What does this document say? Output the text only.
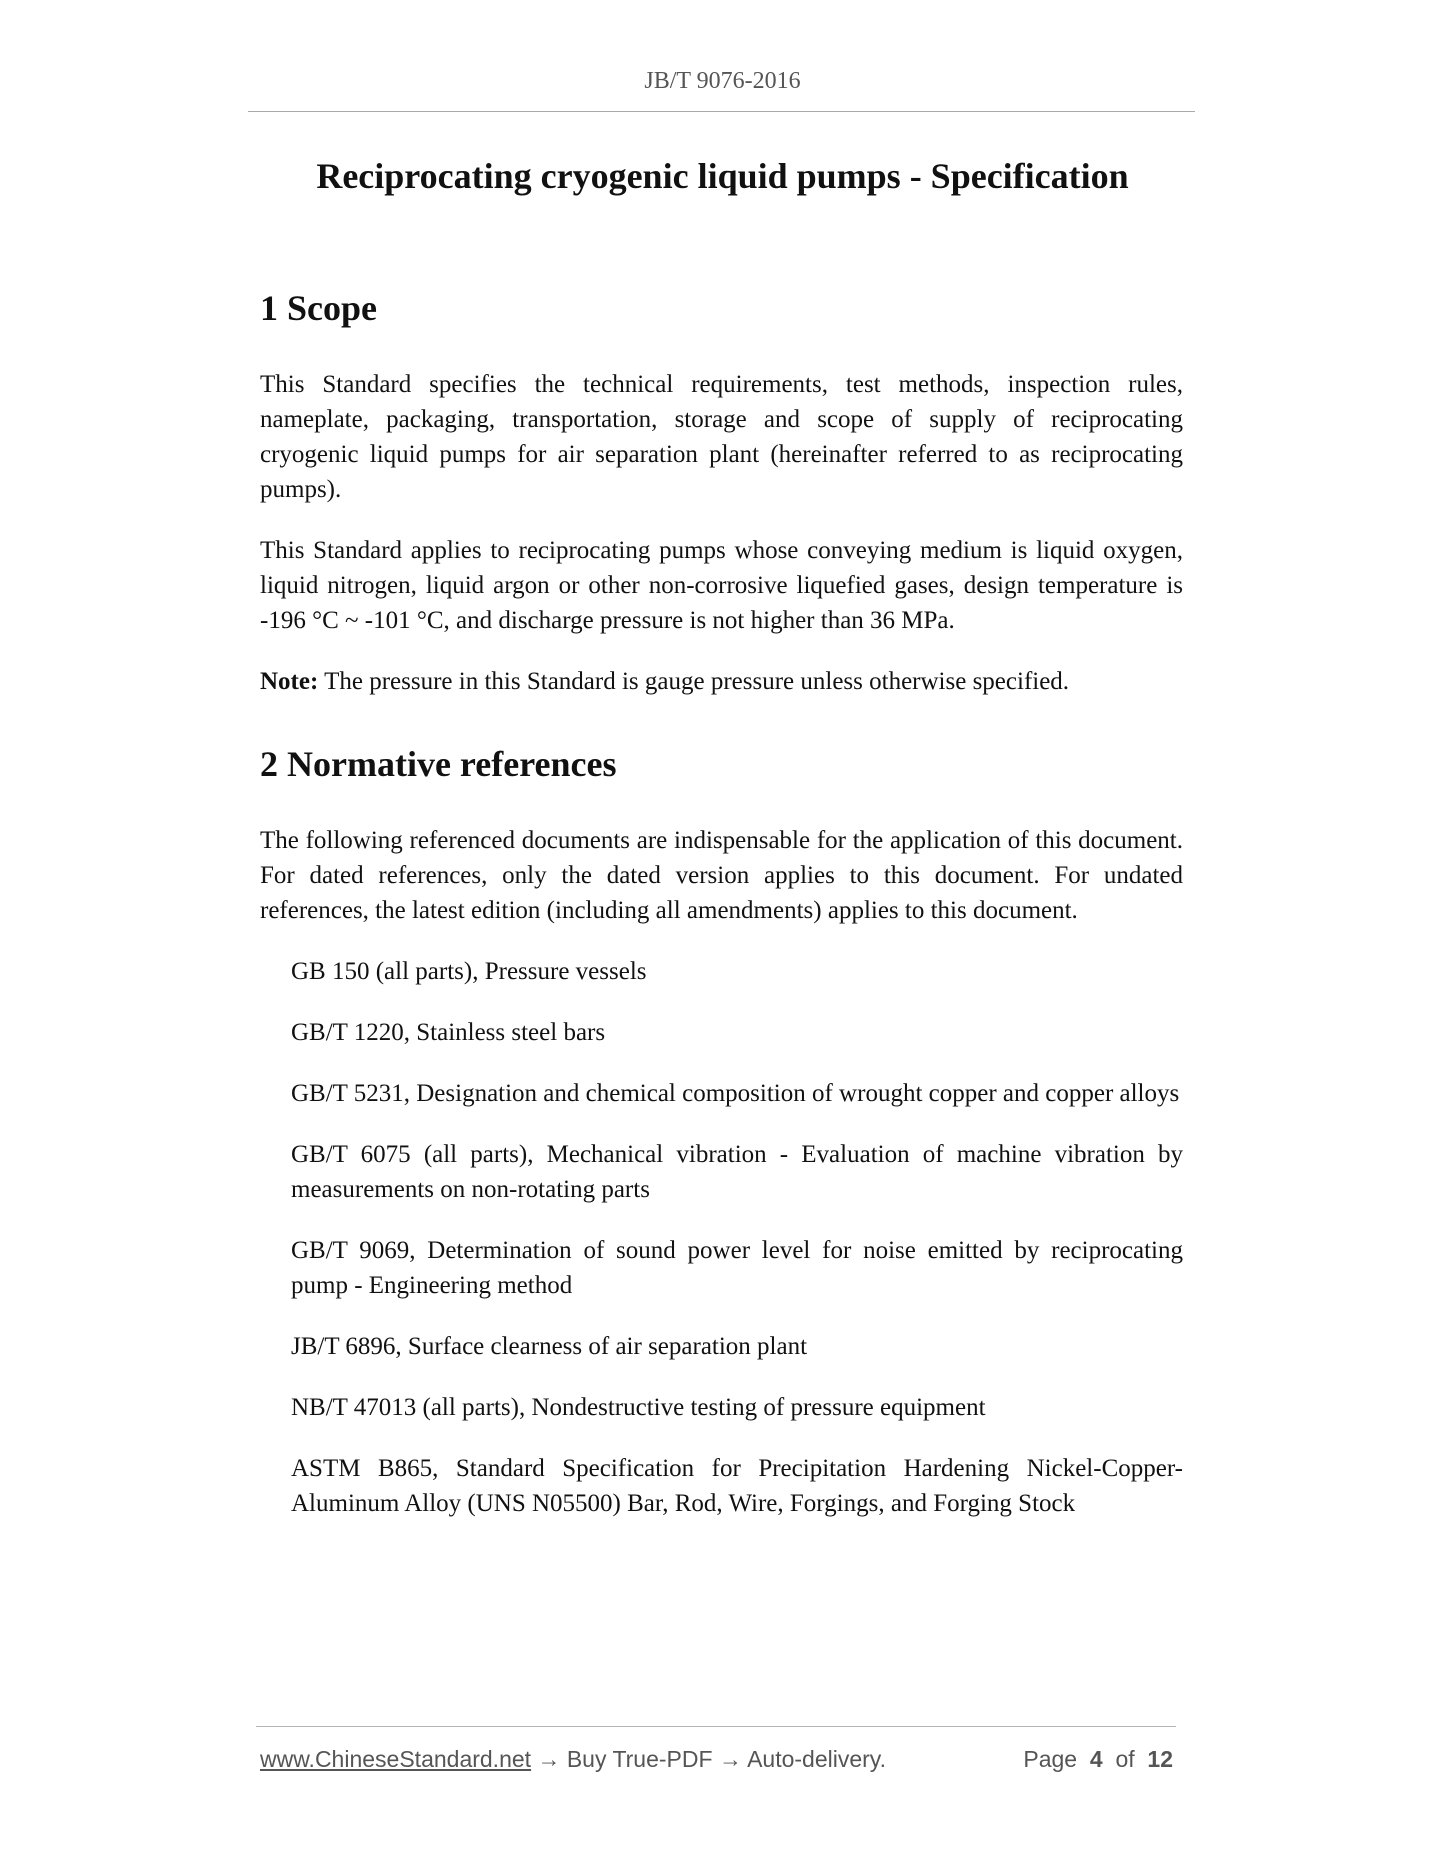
JB/T 9076-2016
Reciprocating cryogenic liquid pumps - Specification
1 Scope

This Standard specifies the technical requirements, test methods, inspection rules, nameplate, packaging, transportation, storage and scope of supply of reciprocating cryogenic liquid pumps for air separation plant (hereinafter referred to as reciprocating pumps).

This Standard applies to reciprocating pumps whose conveying medium is liquid oxygen, liquid nitrogen, liquid argon or other non-corrosive liquefied gases, design temperature is -196 °C ~ -101 °C, and discharge pressure is not higher than 36 MPa.

Note: The pressure in this Standard is gauge pressure unless otherwise specified.

2 Normative references

The following referenced documents are indispensable for the application of this document. For dated references, only the dated version applies to this document. For undated references, the latest edition (including all amendments) applies to this document.

GB 150 (all parts), Pressure vessels
GB/T 1220, Stainless steel bars
GB/T 5231, Designation and chemical composition of wrought copper and copper alloys
GB/T 6075 (all parts), Mechanical vibration - Evaluation of machine vibration by measurements on non-rotating parts
GB/T 9069, Determination of sound power level for noise emitted by reciprocating pump - Engineering method
JB/T 6896, Surface clearness of air separation plant
NB/T 47013 (all parts), Nondestructive testing of pressure equipment
ASTM B865, Standard Specification for Precipitation Hardening Nickel-Copper-Aluminum Alloy (UNS N05500) Bar, Rod, Wire, Forgings, and Forging Stock
www.ChineseStandard.net → Buy True-PDF → Auto-delivery.	Page 4 of 12
